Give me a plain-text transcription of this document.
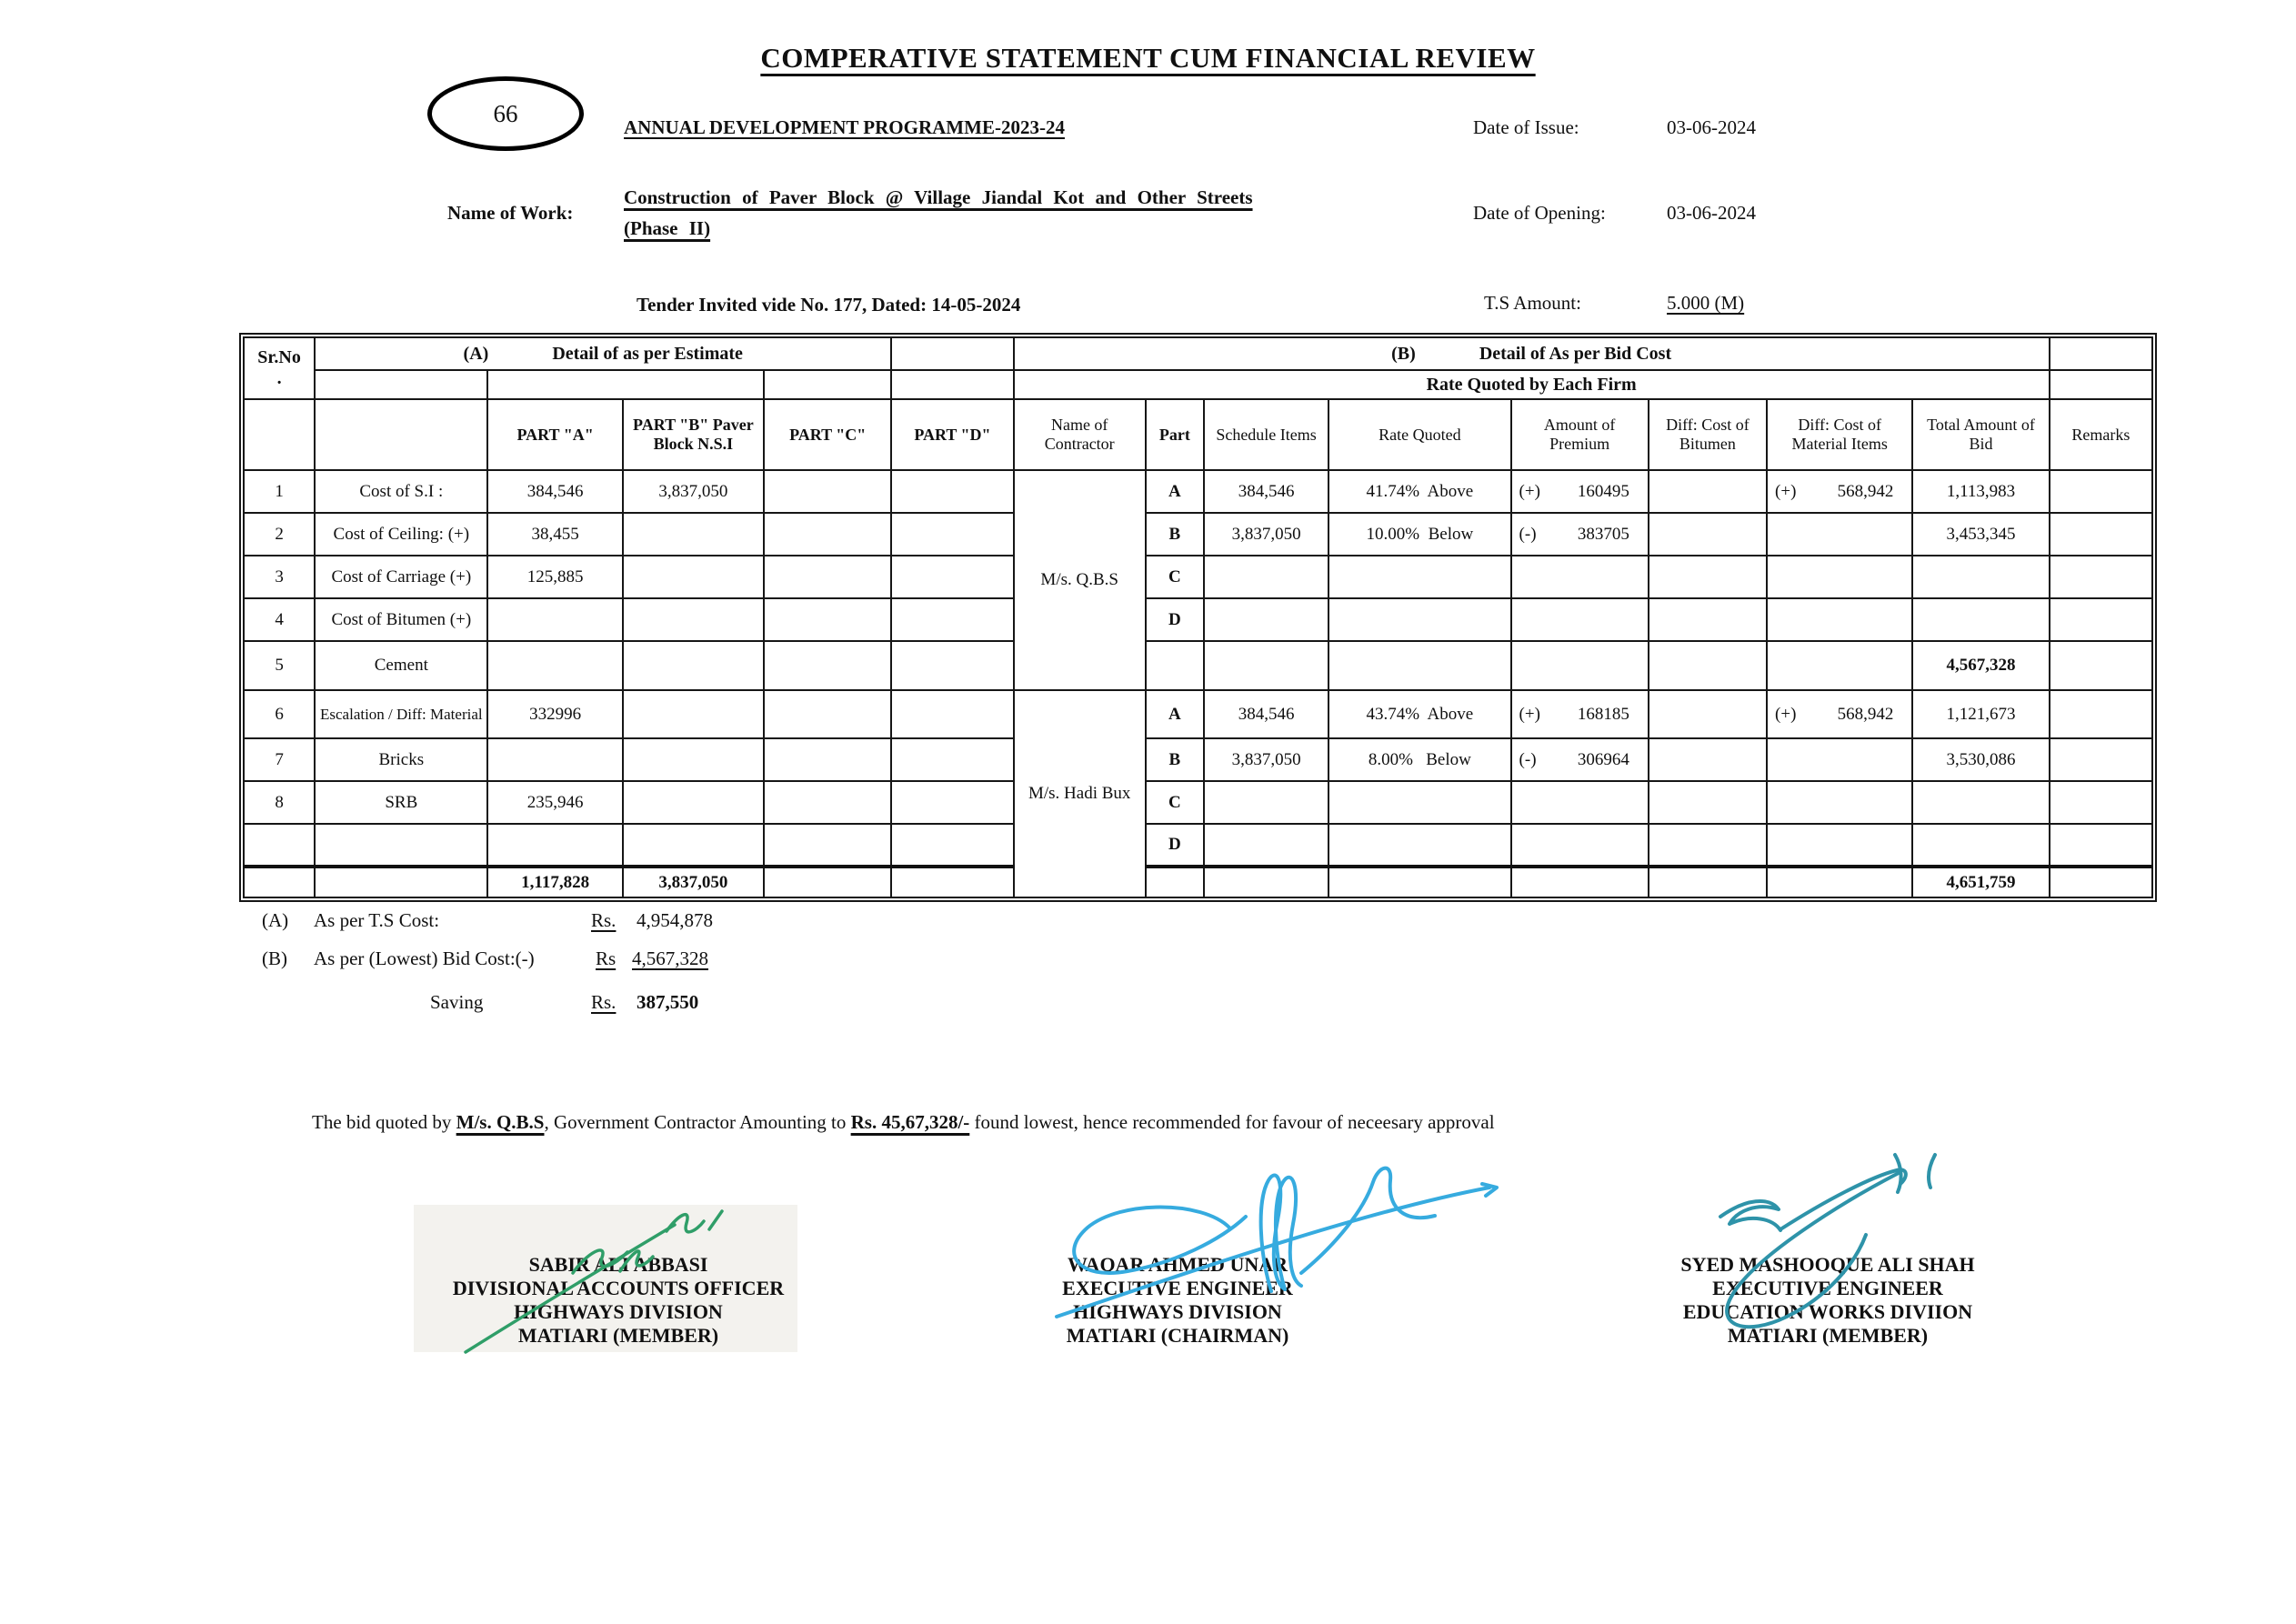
COMPERATIVE STATEMENT CUM FINANCIAL REVIEW
66
ANNUAL DEVELOPMENT PROGRAMME-2023-24	Date of Issue:	03-06-2024
Name of Work:
Construction of Paver Block @ Village Jiandal Kot and Other Streets
(Phase II)
Date of Opening:	03-06-2024
Tender Invited vide No. 177, Dated: 14-05-2024	T.S Amount:	5.000 (M)
Sr.No
.

(A)	Detail of as per Estimate		(B)	Detail of As per Bid Cost

						Rate Quoted by Each Firm								
		PART "A"	PART "B" Paver Block N.S.I	PART "C"	PART "D"	Name of Contractor	Part	Schedule Items	Rate Quoted	Amount of Premium	Diff: Cost of Bitumen	Diff: Cost of Material Items	Total Amount of Bid	Remarks
1	Cost of S.I :	384,546	3,837,050			M/s. Q.B.S	A	384,546	41.74%  Above	(+) 160495		(+) 568,942	1,113,983	
2	Cost of Ceiling: (+)	38,455					B	3,837,050	10.00%  Below	(-) 383705			3,453,345	
3	Cost of Carriage (+)	125,885					C							
4	Cost of Bitumen (+)						D							
5	Cement												4,567,328	
6	Escalation / Diff: Material	332996				M/s. Hadi Bux	A	384,546	43.74%  Above	(+) 168185		(+) 568,942	1,121,673	
7	Bricks						B	3,837,050	8.00%   Below	(-) 306964			3,530,086	
8	SRB	235,946					C							
							D							
		1,117,828	3,837,050										4,651,759	
(A) As per T.S Cost:	Rs. 4,954,878
(B) As per (Lowest) Bid Cost:(-)	Rs 4,567,328
Saving	Rs. 387,550
The bid quoted by M/s. Q.B.S, Government Contractor Amounting to Rs. 45,67,328/- found lowest, hence recommended for favour of neceesary approval
SABIR ALI ABBASI
DIVISIONAL ACCOUNTS OFFICER
HIGHWAYS DIVISION
MATIARI (MEMBER)
WAQAR AHMED UNAR
EXECUTIVE ENGINEER
HIGHWAYS DIVISION
MATIARI (CHAIRMAN)
SYED MASHOOQUE ALI SHAH
EXECUTIVE ENGINEER
EDUCATION WORKS DIVIION
MATIARI (MEMBER)
